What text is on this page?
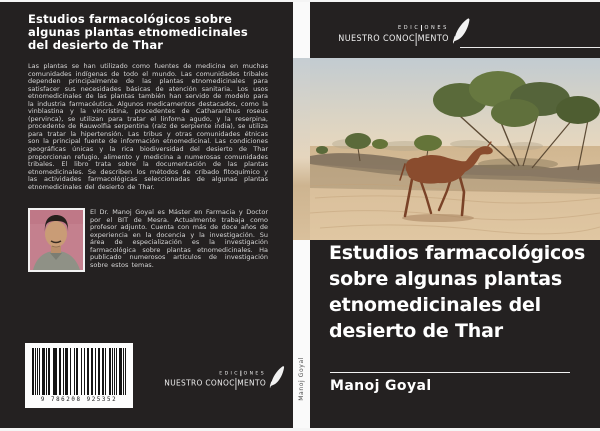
Estudios farmacológicos sobre
algunas plantas etnomedicinales
del desierto de Thar
Las plantas se han utilizado como fuentes de medicina en muchas comunidades indígenas de todo el mundo. Las comunidades tribales dependen principalmente de las plantas etnomedicinales para satisfacer sus necesidades básicas de atención sanitaria. Los usos etnomedicinales de las plantas también han servido de modelo para la industria farmacéutica. Algunos medicamentos destacados, como la vinblastina y la vincristina, procedentes de Catharanthus roseus (pervinca), se utilizan para tratar el linfoma agudo, y la reserpina, procedente de Rauwolfia serpentina (raíz de serpiente india), se utiliza para tratar la hipertensión. Las tribus y otras comunidades étnicas son la principal fuente de información etnomedicinal. Las condiciones geográficas únicas y la rica biodiversidad del desierto de Thar proporcionan refugio, alimento y medicina a numerosas comunidades tribales. El libro trata sobre la documentación de las plantas etnomedicinales. Se describen los métodos de cribado fitoquímico y las actividades farmacológicas seleccionadas de algunas plantas etnomedicinales del desierto de Thar.
El Dr. Manoj Goyal es Máster en Farmacia y Doctor por el BIT de Mesra. Actualmente trabaja como profesor adjunto. Cuenta con más de doce años de experiencia en la docencia y la investigación. Su área de especialización es la investigación farmacológica sobre plantas etnomedicinales. Ha publicado numerosos artículos de investigación sobre estos temas.
EDIC ONES
NUESTRO CONOC MENTO
9 786208 925352	Manoj Goyal
EDIC ONES
NUESTRO CONOC MENTO
Estudios farmacológicos
sobre algunas plantas
etnomedicinales del
desierto de Thar
Manoj Goyal
